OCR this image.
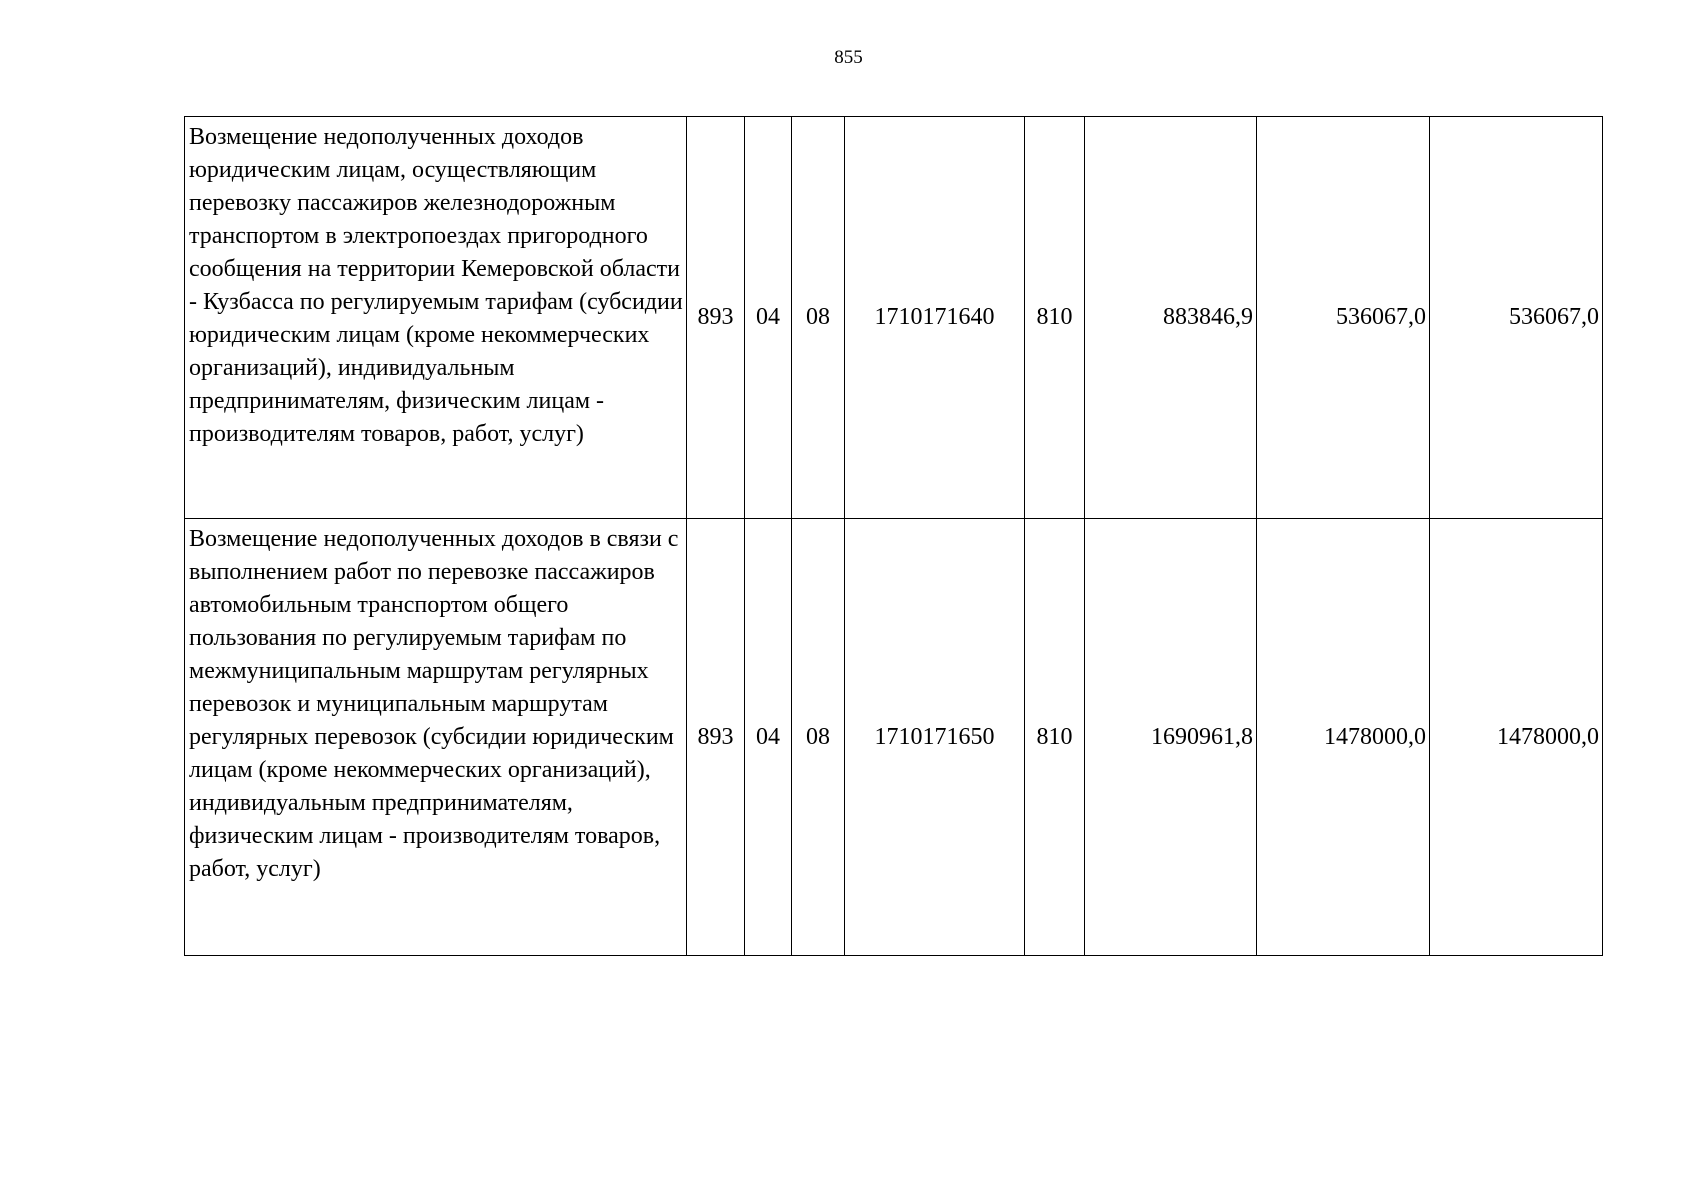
855
Возмещение недополученных доходов юридическим лицам, осуществляющим перевозку пассажиров железнодорожным транспортом в электропоездах пригородного сообщения на территории Кемеровской области - Кузбасса по регулируемым тарифам (субсидии юридическим лицам (кроме некоммерческих организаций), индивидуальным предпринимателям, физическим лицам - производителям товаров, работ, услуг)	893	04	08	1710171640	810	883846,9	536067,0	536067,0
Возмещение недополученных доходов в связи с выполнением работ по перевозке пассажиров автомобильным транспортом общего пользования по регулируемым тарифам по межмуниципальным маршрутам регулярных перевозок и муниципальным маршрутам регулярных перевозок (субсидии юридическим лицам (кроме некоммерческих организаций), индивидуальным предпринимателям, физическим лицам - производителям товаров, работ, услуг)	893	04	08	1710171650	810	1690961,8	1478000,0	1478000,0
